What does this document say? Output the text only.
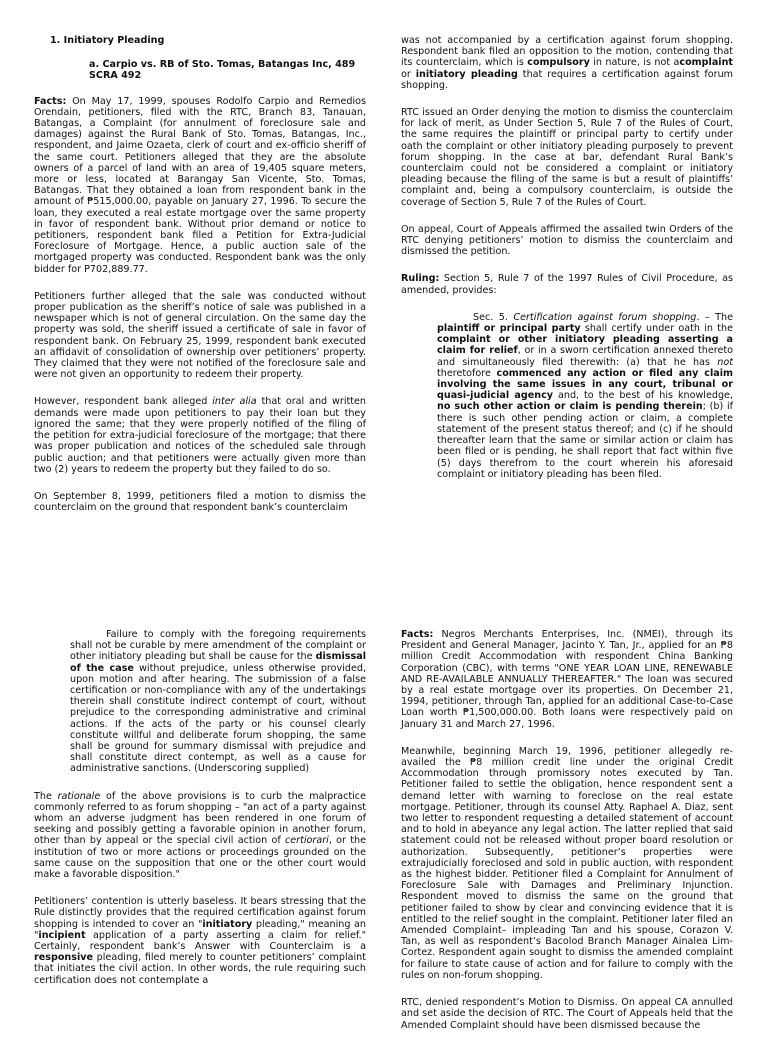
1. Initiatory Pleading

a. Carpio vs. RB of Sto. Tomas, Batangas Inc, 489 SCRA 492

Facts: On May 17, 1999, spouses Rodolfo Carpio and Remedios Orendain, petitioners, filed with the RTC, Branch 83, Tanauan, Batangas, a Complaint (for annulment of foreclosure sale and damages) against the Rural Bank of Sto. Tomas, Batangas, Inc., respondent, and Jaime Ozaeta, clerk of court and ex-officio sheriff of the same court. Petitioners alleged that they are the absolute owners of a parcel of land with an area of 19,405 square meters, more or less, located at Barangay San Vicente, Sto. Tomas, Batangas. That they obtained a loan from respondent bank in the amount of ₱515,000.00, payable on January 27, 1996. To secure the loan, they executed a real estate mortgage over the same property in favor of respondent bank. Without prior demand or notice to petitioners, respondent bank filed a Petition for Extra-Judicial Foreclosure of Mortgage. Hence, a public auction sale of the mortgaged property was conducted. Respondent bank was the only bidder for P702,889.77.

Petitioners further alleged that the sale was conducted without proper publication as the sheriff’s notice of sale was published in a newspaper which is not of general circulation. On the same day the property was sold, the sheriff issued a certificate of sale in favor of respondent bank. On February 25, 1999, respondent bank executed an affidavit of consolidation of ownership over petitioners’ property. They claimed that they were not notified of the foreclosure sale and were not given an opportunity to redeem their property.

However, respondent bank alleged inter alia that oral and written demands were made upon petitioners to pay their loan but they ignored the same; that they were properly notified of the filing of the petition for extra-judicial foreclosure of the mortgage; that there was proper publication and notices of the scheduled sale through public auction; and that petitioners were actually given more than two (2) years to redeem the property but they failed to do so.

On September 8, 1999, petitioners filed a motion to dismiss the counterclaim on the ground that respondent bank’s counterclaim

was not accompanied by a certification against forum shopping. Respondent bank filed an opposition to the motion, contending that its counterclaim, which is compulsory in nature, is not acomplaint or initiatory pleading that requires a certification against forum shopping.

RTC issued an Order denying the motion to dismiss the counterclaim for lack of merit, as Under Section 5, Rule 7 of the Rules of Court, the same requires the plaintiff or principal party to certify under oath the complaint or other initiatory pleading purposely to prevent forum shopping. In the case at bar, defendant Rural Bank’s counterclaim could not be considered a complaint or initiatory pleading because the filing of the same is but a result of plaintiffs’ complaint and, being a compulsory counterclaim, is outside the coverage of Section 5, Rule 7 of the Rules of Court.

On appeal, Court of Appeals affirmed the assailed twin Orders of the RTC denying petitioners’ motion to dismiss the counterclaim and dismissed the petition.

Ruling: Section 5, Rule 7 of the 1997 Rules of Civil Procedure, as amended, provides:

Sec. 5. Certification against forum shopping. – The plaintiff or principal party shall certify under oath in the complaint or other initiatory pleading asserting a claim for relief, or in a sworn certification annexed thereto and simultaneously filed therewith: (a) that he has not theretofore commenced any action or filed any claim involving the same issues in any court, tribunal or quasi-judicial agency and, to the best of his knowledge, no such other action or claim is pending therein; (b) if there is such other pending action or claim, a complete statement of the present status thereof; and (c) if he should thereafter learn that the same or similar action or claim has been filed or is pending, he shall report that fact within five (5) days therefrom to the court wherein his aforesaid complaint or initiatory pleading has been filed.

Failure to comply with the foregoing requirements shall not be curable by mere amendment of the complaint or other initiatory pleading but shall be cause for the dismissal of the case without prejudice, unless otherwise provided, upon motion and after hearing. The submission of a false certification or non-compliance with any of the undertakings therein shall constitute indirect contempt of court, without prejudice to the corresponding administrative and criminal actions. If the acts of the party or his counsel clearly constitute willful and deliberate forum shopping, the same shall be ground for summary dismissal with prejudice and shall constitute direct contempt, as well as a cause for administrative sanctions. (Underscoring supplied)

The rationale of the above provisions is to curb the malpractice commonly referred to as forum shopping – "an act of a party against whom an adverse judgment has been rendered in one forum of seeking and possibly getting a favorable opinion in another forum, other than by appeal or the special civil action of certiorari, or the institution of two or more actions or proceedings grounded on the same cause on the supposition that one or the other court would make a favorable disposition."

Petitioners’ contention is utterly baseless. It bears stressing that the Rule distinctly provides that the required certification against forum shopping is intended to cover an "initiatory pleading," meaning an "incipient application of a party asserting a claim for relief." Certainly, respondent bank’s Answer with Counterclaim is a responsive pleading, filed merely to counter petitioners’ complaint that initiates the civil action. In other words, the rule requiring such certification does not contemplate a

Facts: Negros Merchants Enterprises, Inc. (NMEI), through its President and General Manager, Jacinto Y. Tan, Jr., applied for an ₱8 million Credit Accommodation with respondent China Banking Corporation (CBC), with terms "ONE YEAR LOAN LINE, RENEWABLE AND RE-AVAILABLE ANNUALLY THEREAFTER." The loan was secured by a real estate mortgage over its properties. On December 21, 1994, petitioner, through Tan, applied for an additional Case-to-Case Loan worth ₱1,500,000.00. Both loans were respectively paid on January 31 and March 27, 1996.

Meanwhile, beginning March 19, 1996, petitioner allegedly re-availed the ₱8 million credit line under the original Credit Accommodation through promissory notes executed by Tan. Petitioner failed to settle the obligation, hence respondent sent a demand letter with warning to foreclose on the real estate mortgage. Petitioner, through its counsel Atty. Raphael A. Diaz, sent two letter to respondent requesting a detailed statement of account and to hold in abeyance any legal action. The latter replied that said statement could not be released without proper board resolution or authorization. Subsequently, petitioner’s properties were extrajudicially foreclosed and sold in public auction, with respondent as the highest bidder. Petitioner filed a Complaint for Annulment of Foreclosure Sale with Damages and Preliminary Injunction. Respondent moved to dismiss the same on the ground that petitioner failed to show by clear and convincing evidence that it is entitled to the relief sought in the complaint. Petitioner later filed an Amended Complaint– impleading Tan and his spouse, Corazon V. Tan, as well as respondent’s Bacolod Branch Manager Ainalea Lim-Cortez. Respondent again sought to dismiss the amended complaint for failure to state cause of action and for failure to comply with the rules on non-forum shopping.

RTC, denied respondent’s Motion to Dismiss. On appeal CA annulled and set aside the decision of RTC. The Court of Appeals held that the Amended Complaint should have been dismissed because the
